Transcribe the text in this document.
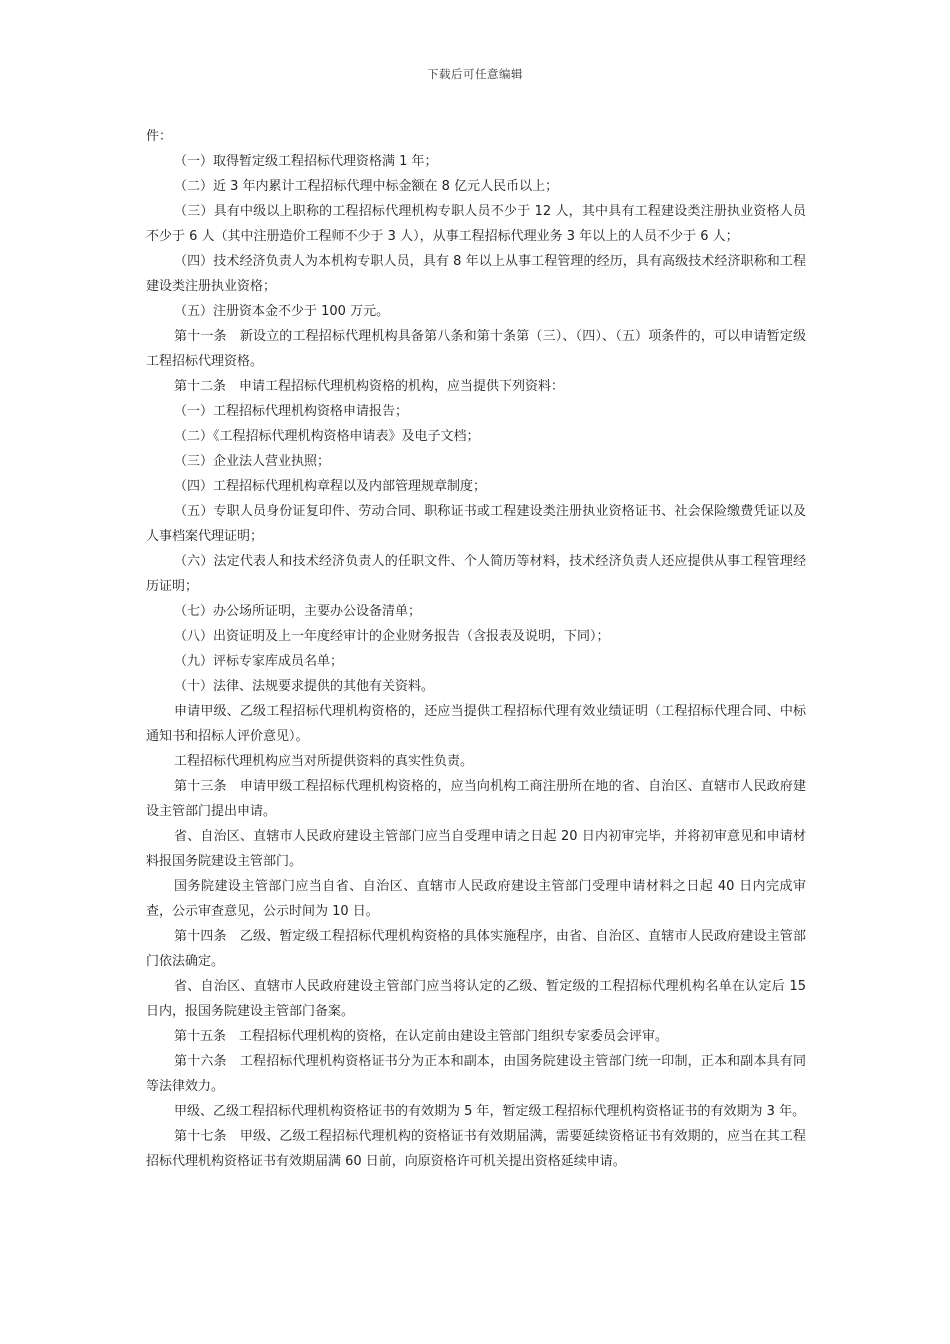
下载后可任意编辑

件：

（一）取得暂定级工程招标代理资格满 1 年；

（二）近 3 年内累计工程招标代理中标金额在 8 亿元人民币以上；

（三）具有中级以上职称的工程招标代理机构专职人员不少于 12 人，其中具有工程建设类注册执业资格人员不少于 6 人（其中注册造价工程师不少于 3 人），从事工程招标代理业务 3 年以上的人员不少于 6 人；

（四）技术经济负责人为本机构专职人员，具有 8 年以上从事工程管理的经历，具有高级技术经济职称和工程建设类注册执业资格；

（五）注册资本金不少于 100 万元。

第十一条　新设立的工程招标代理机构具备第八条和第十条第（三）、（四）、（五）项条件的，可以申请暂定级工程招标代理资格。

第十二条　申请工程招标代理机构资格的机构，应当提供下列资料：

（一）工程招标代理机构资格申请报告；

（二）《工程招标代理机构资格申请表》及电子文档；

（三）企业法人营业执照；

（四）工程招标代理机构章程以及内部管理规章制度；

（五）专职人员身份证复印件、劳动合同、职称证书或工程建设类注册执业资格证书、社会保险缴费凭证以及人事档案代理证明；

（六）法定代表人和技术经济负责人的任职文件、个人简历等材料，技术经济负责人还应提供从事工程管理经历证明；

（七）办公场所证明，主要办公设备清单；

（八）出资证明及上一年度经审计的企业财务报告（含报表及说明，下同）；

（九）评标专家库成员名单；

（十）法律、法规要求提供的其他有关资料。

申请甲级、乙级工程招标代理机构资格的，还应当提供工程招标代理有效业绩证明（工程招标代理合同、中标通知书和招标人评价意见）。

工程招标代理机构应当对所提供资料的真实性负责。

第十三条　申请甲级工程招标代理机构资格的，应当向机构工商注册所在地的省、自治区、直辖市人民政府建设主管部门提出申请。

省、自治区、直辖市人民政府建设主管部门应当自受理申请之日起 20 日内初审完毕，并将初审意见和申请材料报国务院建设主管部门。

国务院建设主管部门应当自省、自治区、直辖市人民政府建设主管部门受理申请材料之日起 40 日内完成审查，公示审查意见，公示时间为 10 日。

第十四条　乙级、暂定级工程招标代理机构资格的具体实施程序，由省、自治区、直辖市人民政府建设主管部门依法确定。

省、自治区、直辖市人民政府建设主管部门应当将认定的乙级、暂定级的工程招标代理机构名单在认定后 15 日内，报国务院建设主管部门备案。

第十五条　工程招标代理机构的资格，在认定前由建设主管部门组织专家委员会评审。

第十六条　工程招标代理机构资格证书分为正本和副本，由国务院建设主管部门统一印制，正本和副本具有同等法律效力。

甲级、乙级工程招标代理机构资格证书的有效期为 5 年，暂定级工程招标代理机构资格证书的有效期为 3 年。

第十七条　甲级、乙级工程招标代理机构的资格证书有效期届满，需要延续资格证书有效期的，应当在其工程招标代理机构资格证书有效期届满 60 日前，向原资格许可机关提出资格延续申请。
